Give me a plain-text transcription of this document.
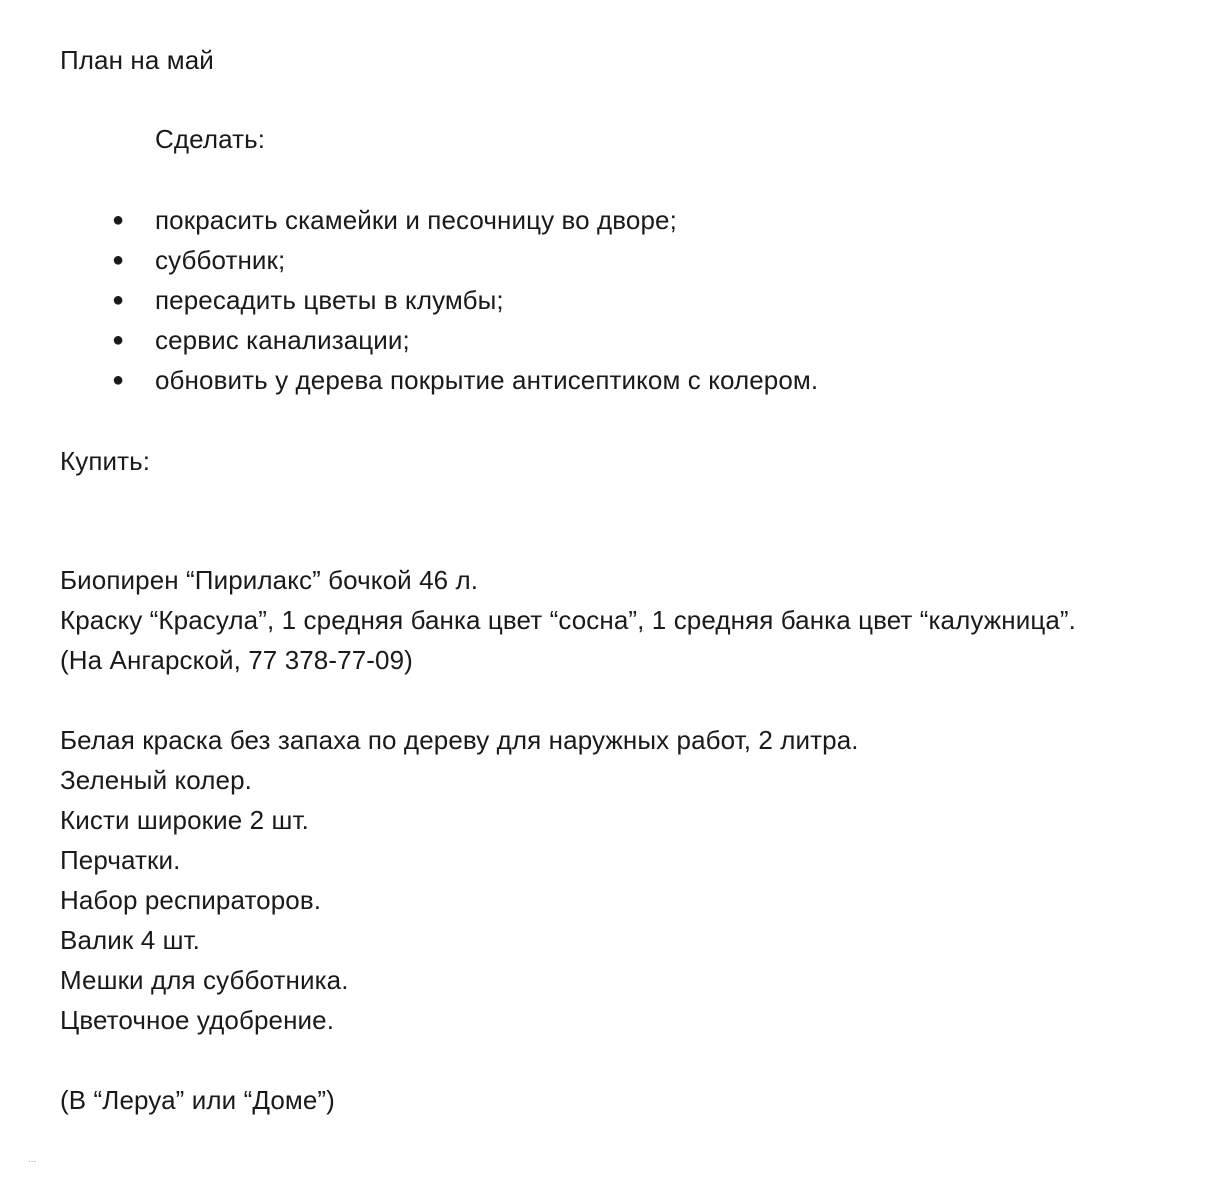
План на май
Сделать:
● покрасить скамейки и песочницу во дворе;
● субботник;
● пересадить цветы в клумбы;
● сервис канализации;
● обновить у дерева покрытие антисептиком с колером.
Купить:
Биопирен “Пирилакс” бочкой 46 л.
Краску “Красула”, 1 средняя банка цвет “сосна”, 1 средняя банка цвет “калужница”.
(На Ангарской, 77 378-77-09)
Белая краска без запаха по дереву для наружных работ, 2 литра.
Зеленый колер.
Кисти широкие 2 шт.
Перчатки.
Набор респираторов.
Валик 4 шт.
Мешки для субботника.
Цветочное удобрение.
(В “Леруа” или “Доме”)
...
